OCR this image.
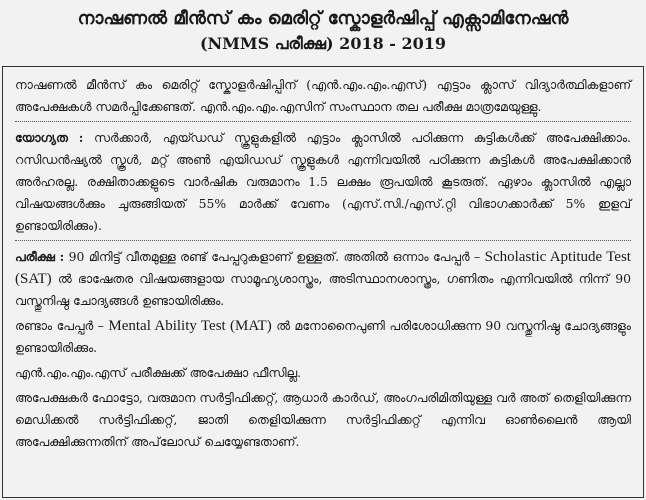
നാഷണൽ മീൻസ് കം മെരിറ്റ് സ്കോളർഷിപ്പ് എക്സാമിനേഷൻ
(NMMS പരീക്ഷ) 2018 - 2019

നാഷണൽ മീൻസ് കം മെരിറ്റ് സ്കോളർഷിപ്പിന് (എൻ.എം.എം.എസ്) എട്ടാം ക്ലാസ് വിദ്യാർത്ഥികളാണ് അപേക്ഷകൾ സമർപ്പിക്കേണ്ടത്. എൻ.എം.എം.എസിന് സംസ്ഥാന തല പരീക്ഷ മാത്രമേയുള്ളു.

യോഗ്യത : സർക്കാർ, എയ്ഡഡ് സ്കൂളുകളിൽ എട്ടാം ക്ലാസിൽ പഠിക്കുന്ന കുട്ടികൾക്ക് അപേക്ഷിക്കാം. റസിഡൻഷ്യൽ സ്കൂൾ, മറ്റ് അൺ എയിഡഡ് സ്കൂളുകൾ എന്നിവയിൽ പഠിക്കുന്ന കുട്ടികൾ അപേക്ഷിക്കാൻ അർഹരല്ല. രക്ഷിതാക്കളുടെ വാർഷിക വരുമാനം 1.5 ലക്ഷം രൂപയിൽ കൂടരുത്. ഏഴാം ക്ലാസിൽ എല്ലാ വിഷയങ്ങൾക്കും ചുരുങ്ങിയത് 55% മാർക്ക് വേണം (എസ്.സി./എസ്.റ്റി വിഭാഗക്കാർക്ക് 5% ഇളവ് ഉണ്ടായിരിക്കും).

പരീക്ഷ : 90 മിനിട്ട് വീതമുള്ള രണ്ട് പേപ്പറുകളാണ് ഉള്ളത്. അതിൽ ഒന്നാം പേപ്പർ – Scholastic Aptitude Test (SAT) ൽ ഭാഷേതര വിഷയങ്ങളായ സാമൂഹ്യശാസ്ത്രം, അടിസ്ഥാനശാസ്ത്രം, ഗണിതം എന്നിവയിൽ നിന്ന് 90 വസ്തുനിഷ്ഠ ചോദ്യങ്ങൾ ഉണ്ടായിരിക്കും.

രണ്ടാം പേപ്പർ – Mental Ability Test (MAT) ൽ മനോനൈപുണി പരിശോധിക്കുന്ന 90 വസ്തുനിഷ്ഠ ചോദ്യങ്ങളും ഉണ്ടായിരിക്കും.

എൻ.എം.എം.എസ് പരീക്ഷക്ക് അപേക്ഷാ ഫീസില്ല.

അപേക്ഷകർ ഫോട്ടോ, വരുമാന സർട്ടിഫിക്കറ്റ്, ആധാർ കാർഡ്, അംഗപരിമിതിയുള്ള വർ അത് തെളിയിക്കുന്ന മെഡിക്കൽ സർട്ടിഫിക്കറ്റ്, ജാതി തെളിയിക്കുന്ന സർട്ടിഫിക്കറ്റ് എന്നിവ ഓൺലൈൻ ആയി അപേക്ഷിക്കുന്നതിന് അപ്‌ലോഡ് ചെയ്യേണ്ടതാണ്.
